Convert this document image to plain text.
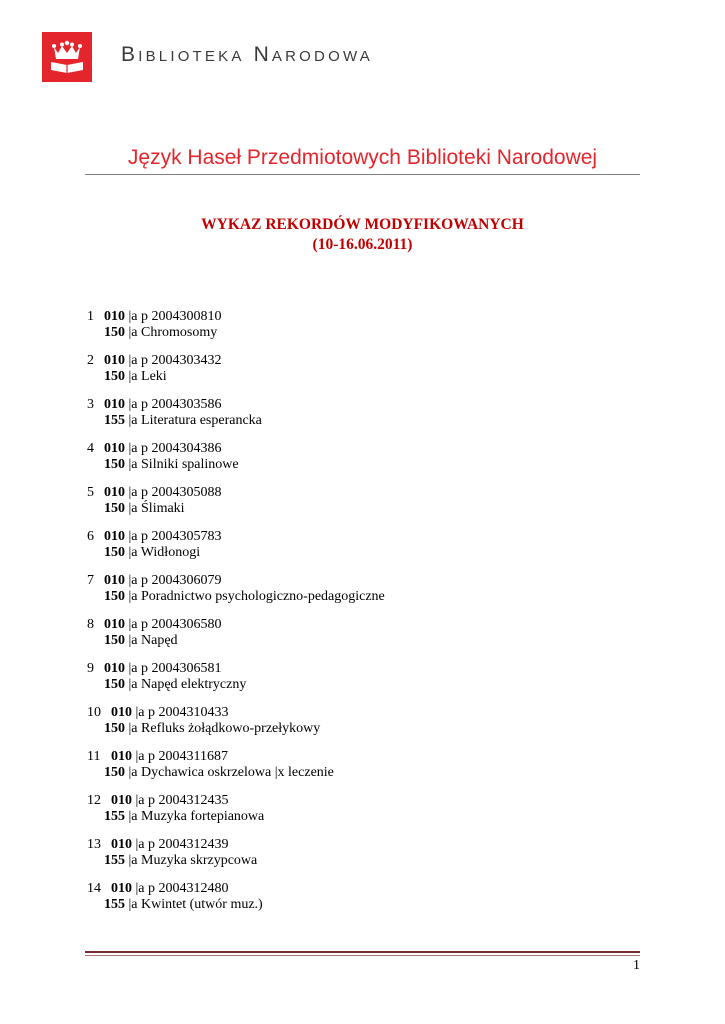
Biblioteka Narodowa
Język Haseł Przedmiotowych Biblioteki Narodowej
WYKAZ REKORDÓW MODYFIKOWANYCH
(10-16.06.2011)
1 010 |a p 2004300810
150 |a Chromosomy
2 010 |a p 2004303432
150 |a Leki
3 010 |a p 2004303586
155 |a Literatura esperancka
4 010 |a p 2004304386
150 |a Silniki spalinowe
5 010 |a p 2004305088
150 |a Ślimaki
6 010 |a p 2004305783
150 |a Widłonogi
7 010 |a p 2004306079
150 |a Poradnictwo psychologiczno-pedagogiczne
8 010 |a p 2004306580
150 |a Napęd
9 010 |a p 2004306581
150 |a Napęd elektryczny
10 010 |a p 2004310433
150 |a Refluks żołądkowo-przełykowy
11 010 |a p 2004311687
150 |a Dychawica oskrzelowa |x leczenie
12 010 |a p 2004312435
155 |a Muzyka fortepianowa
13 010 |a p 2004312439
155 |a Muzyka skrzypcowa
14 010 |a p 2004312480
155 |a Kwintet (utwór muz.)
1
